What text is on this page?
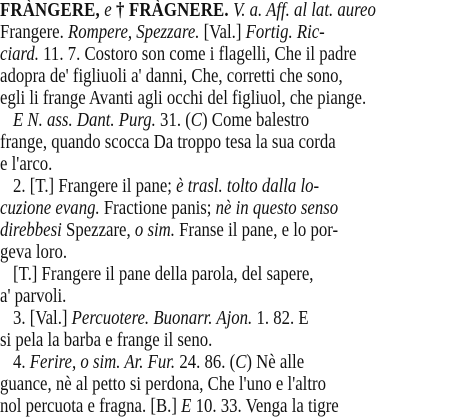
FRÀNGERE, e † FRÀGNERE. V. a. Aff. al lat. aureo
Frangere. Rompere, Spezzare. [Val.] Fortig. Ric-
ciard. 11. 7. Costoro son come i flagelli, Che il padre
adopra de' figliuoli a' danni, Che, corretti che sono,
egli li frange Avanti agli occhi del figliuol, che piange.
E N. ass. Dant. Purg. 31. (C) Come balestro
frange, quando scocca Da troppo tesa la sua corda
e l'arco.
2. [T.] Frangere il pane; è trasl. tolto dalla lo-
cuzione evang. Fractione panis; nè in questo senso
direbbesi Spezzare, o sim. Franse il pane, e lo por-
geva loro.
[T.] Frangere il pane della parola, del sapere,
a' parvoli.
3. [Val.] Percuotere. Buonarr. Ajon. 1. 82. E
si pela la barba e frange il seno.
4. Ferire, o sim. Ar. Fur. 24. 86. (C) Nè alle
guance, nè al petto si perdona, Che l'uno e l'altro
nol percuota e fragna. [B.] E 10. 33. Venga la tigre
